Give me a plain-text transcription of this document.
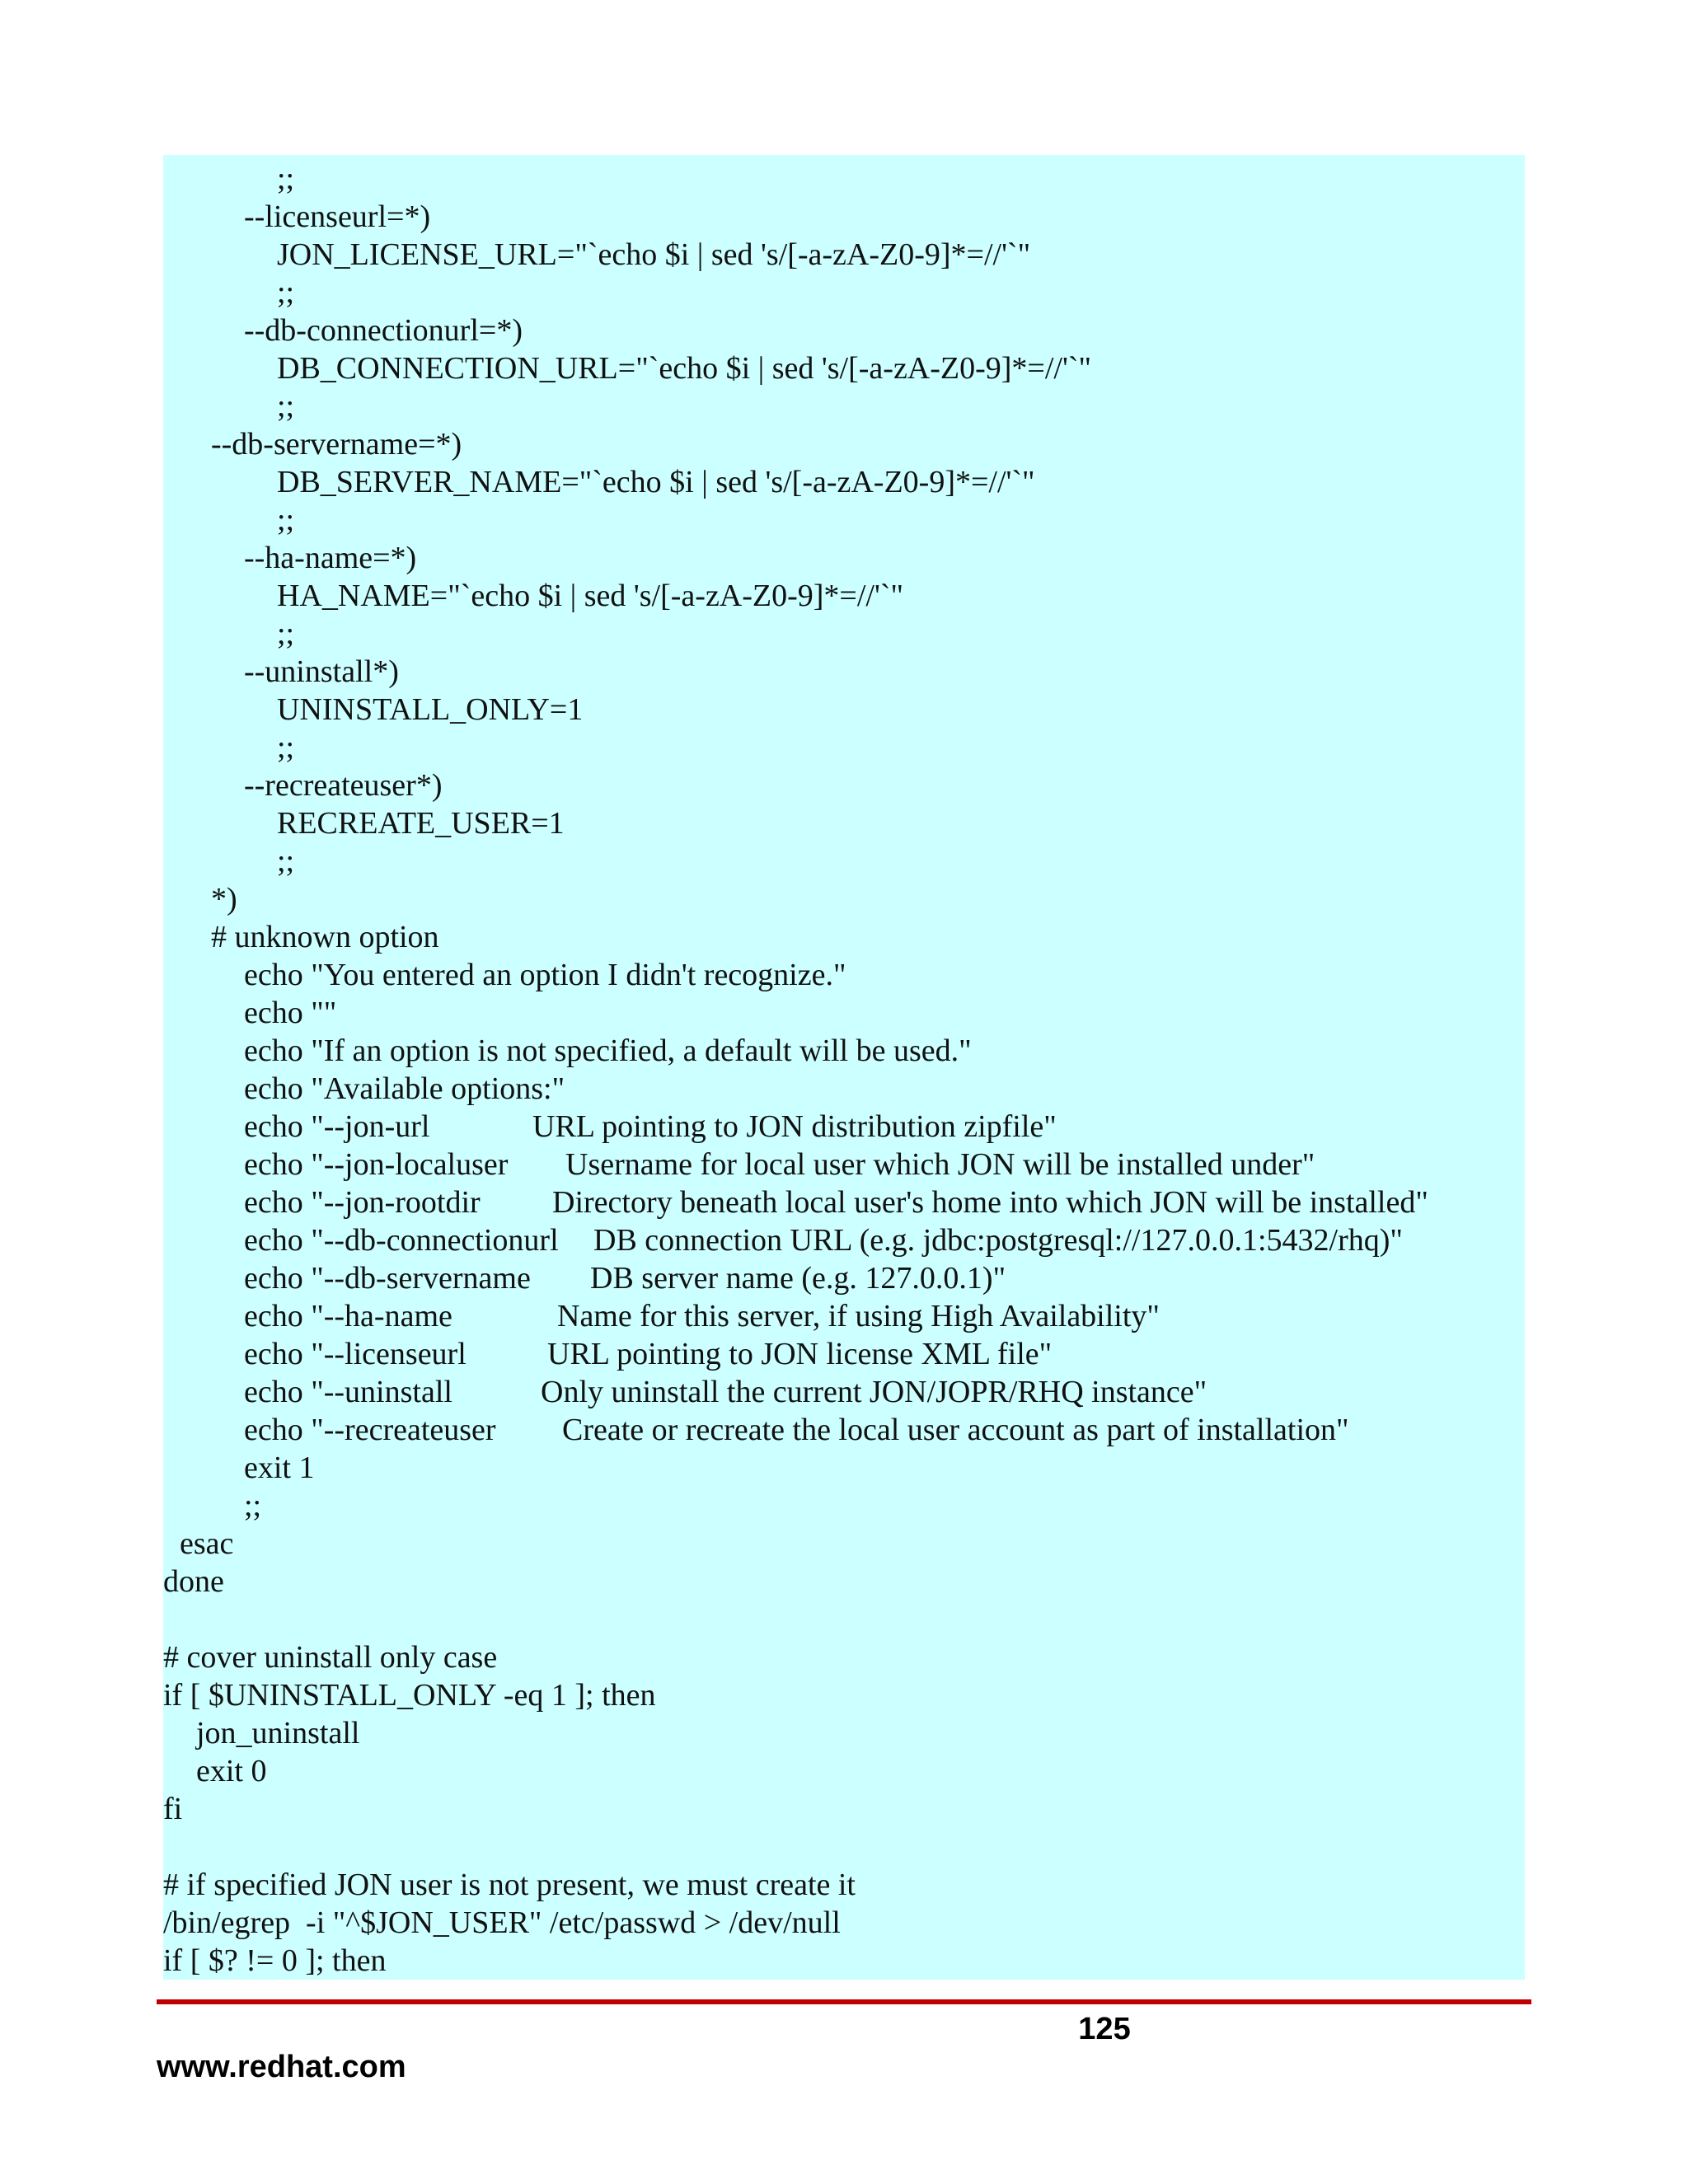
;;
--licenseurl=*)
JON_LICENSE_URL="`echo $i | sed 's/[-a-zA-Z0-9]*=//'`"
;;
--db-connectionurl=*)
DB_CONNECTION_URL="`echo $i | sed 's/[-a-zA-Z0-9]*=//'`"
;;
--db-servername=*)
DB_SERVER_NAME="`echo $i | sed 's/[-a-zA-Z0-9]*=//'`"
;;
--ha-name=*)
HA_NAME="`echo $i | sed 's/[-a-zA-Z0-9]*=//'`"
;;
--uninstall*)
UNINSTALL_ONLY=1
;;
--recreateuser*)
RECREATE_USER=1
;;
*)
# unknown option
echo "You entered an option I didn't recognize."
echo ""
echo "If an option is not specified, a default will be used."
echo "Available options:"
echo "--jon-url	URL pointing to JON distribution zipfile"
echo "--jon-localuser Username for local user which JON will be installed under"
echo "--jon-rootdir Directory beneath local user's home into which JON will be installed"
echo "--db-connectionurl DB connection URL (e.g. jdbc:postgresql://127.0.0.1:5432/rhq)"
echo "--db-servername DB server name (e.g. 127.0.0.1)"
echo "--ha-name	Name for this server, if using High Availability"
echo "--licenseurl	URL pointing to JON license XML file"
echo "--uninstall	Only uninstall the current JON/JOPR/RHQ instance"
echo "--recreateuser Create or recreate the local user account as part of installation"
exit 1
;;
esac
done
# cover uninstall only case
if [ $UNINSTALL_ONLY -eq 1 ]; then
jon_uninstall
exit 0
fi
# if specified JON user is not present, we must create it
/bin/egrep  -i "^$JON_USER" /etc/passwd > /dev/null
if [ $? != 0 ]; then
125
www.redhat.com
